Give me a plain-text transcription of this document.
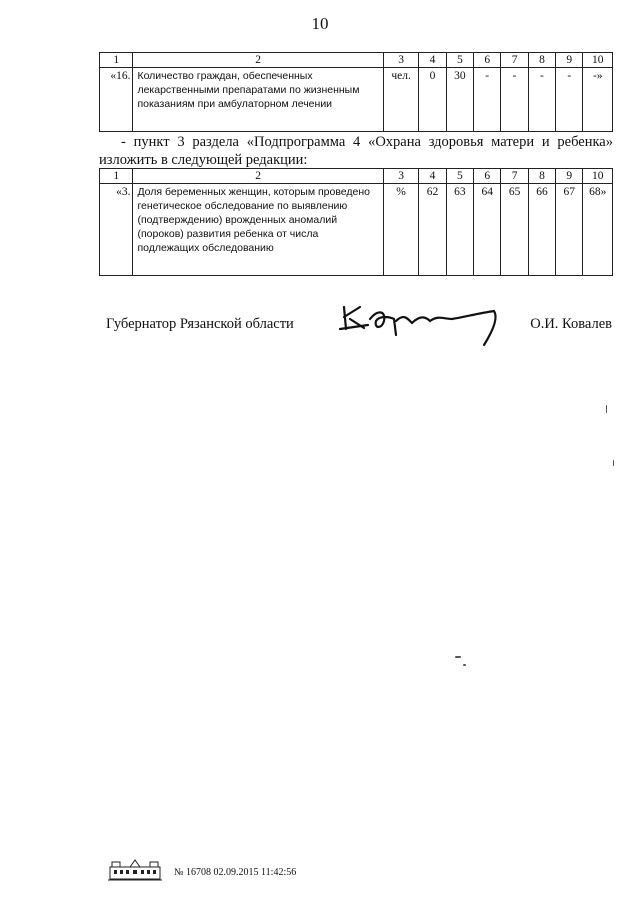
10
1	2	3	4	5	6	7	8	9	10
«16.	Количество граждан, обеспеченных лекарственными препаратами по жизненным показаниям при амбулаторном лечении	чел.	0	30	-	-	-	-	-»
- пункт 3 раздела «Подпрограмма 4 «Охрана здоровья матери и ребенка» изложить в следующей редакции:
1	2	3	4	5	6	7	8	9	10
«3.	Доля беременных женщин, которым проведено генетическое обследование по выявлению (подтверждению) врожденных аномалий (пороков) развития ребенка от числа подлежащих обследованию	%	62	63	64	65	66	67	68»
Губернатор Рязанской области	О.И. Ковалев
№ 16708 02.09.2015 11:42:56
